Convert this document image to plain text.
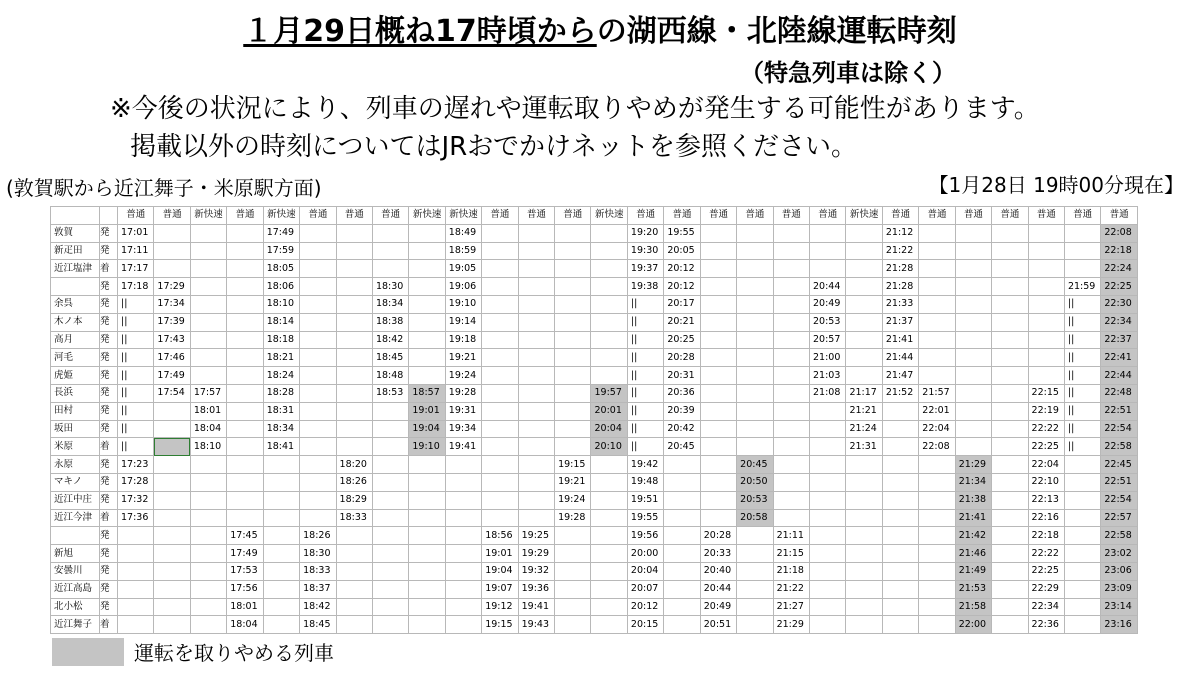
１月29日概ね17時頃からの湖西線・北陸線運転時刻
（特急列車は除く）
※今後の状況により、列車の遅れや運転取りやめが発生する可能性があります。
掲載以外の時刻についてはJRおでかけネットを参照ください。
(敦賀駅から近江舞子・米原駅方面)	【1月28日 19時00分現在】
		普通	普通	新快速	普通	新快速	普通	普通	普通	新快速	新快速	普通	普通	普通	新快速	普通	普通	普通	普通	普通	普通	新快速	普通	普通	普通	普通	普通	普通	普通
敦賀	発	17:01				17:49					18:49					19:20	19:55						21:12						22:08
新疋田	発	17:11				17:59					18:59					19:30	20:05						21:22						22:18
近江塩津	着	17:17				18:05					19:05					19:37	20:12						21:28						22:24
	発	17:18	17:29			18:06			18:30		19:06					19:38	20:12				20:44		21:28					21:59	22:25
余呉	発	||	17:34			18:10			18:34		19:10					||	20:17				20:49		21:33					||	22:30
木ノ本	発	||	17:39			18:14			18:38		19:14					||	20:21				20:53		21:37					||	22:34
高月	発	||	17:43			18:18			18:42		19:18					||	20:25				20:57		21:41					||	22:37
河毛	発	||	17:46			18:21			18:45		19:21					||	20:28				21:00		21:44					||	22:41
虎姫	発	||	17:49			18:24			18:48		19:24					||	20:31				21:03		21:47					||	22:44
長浜	発	||	17:54	17:57		18:28			18:53	18:57	19:28				19:57	||	20:36				21:08	21:17	21:52	21:57			22:15	||	22:48
田村	発	||		18:01		18:31				19:01	19:31				20:01	||	20:39					21:21		22:01			22:19	||	22:51
坂田	発	||		18:04		18:34				19:04	19:34				20:04	||	20:42					21:24		22:04			22:22	||	22:54
米原	着	||		18:10		18:41				19:10	19:41				20:10	||	20:45					21:31		22:08			22:25	||	22:58
永原	発	17:23						18:20						19:15		19:42			20:45						21:29		22:04		22:45
マキノ	発	17:28						18:26						19:21		19:48			20:50						21:34		22:10		22:51
近江中庄	発	17:32						18:29						19:24		19:51			20:53						21:38		22:13		22:54
近江今津	着	17:36						18:33						19:28		19:55			20:58						21:41		22:16		22:57
	発				17:45		18:26					18:56	19:25			19:56		20:28		21:11					21:42		22:18		22:58
新旭	発				17:49		18:30					19:01	19:29			20:00		20:33		21:15					21:46		22:22		23:02
安曇川	発				17:53		18:33					19:04	19:32			20:04		20:40		21:18					21:49		22:25		23:06
近江高島	発				17:56		18:37					19:07	19:36			20:07		20:44		21:22					21:53		22:29		23:09
北小松	発				18:01		18:42					19:12	19:41			20:12		20:49		21:27					21:58		22:34		23:14
近江舞子	着				18:04		18:45					19:15	19:43			20:15		20:51		21:29					22:00		22:36		23:16
運転を取りやめる列車
